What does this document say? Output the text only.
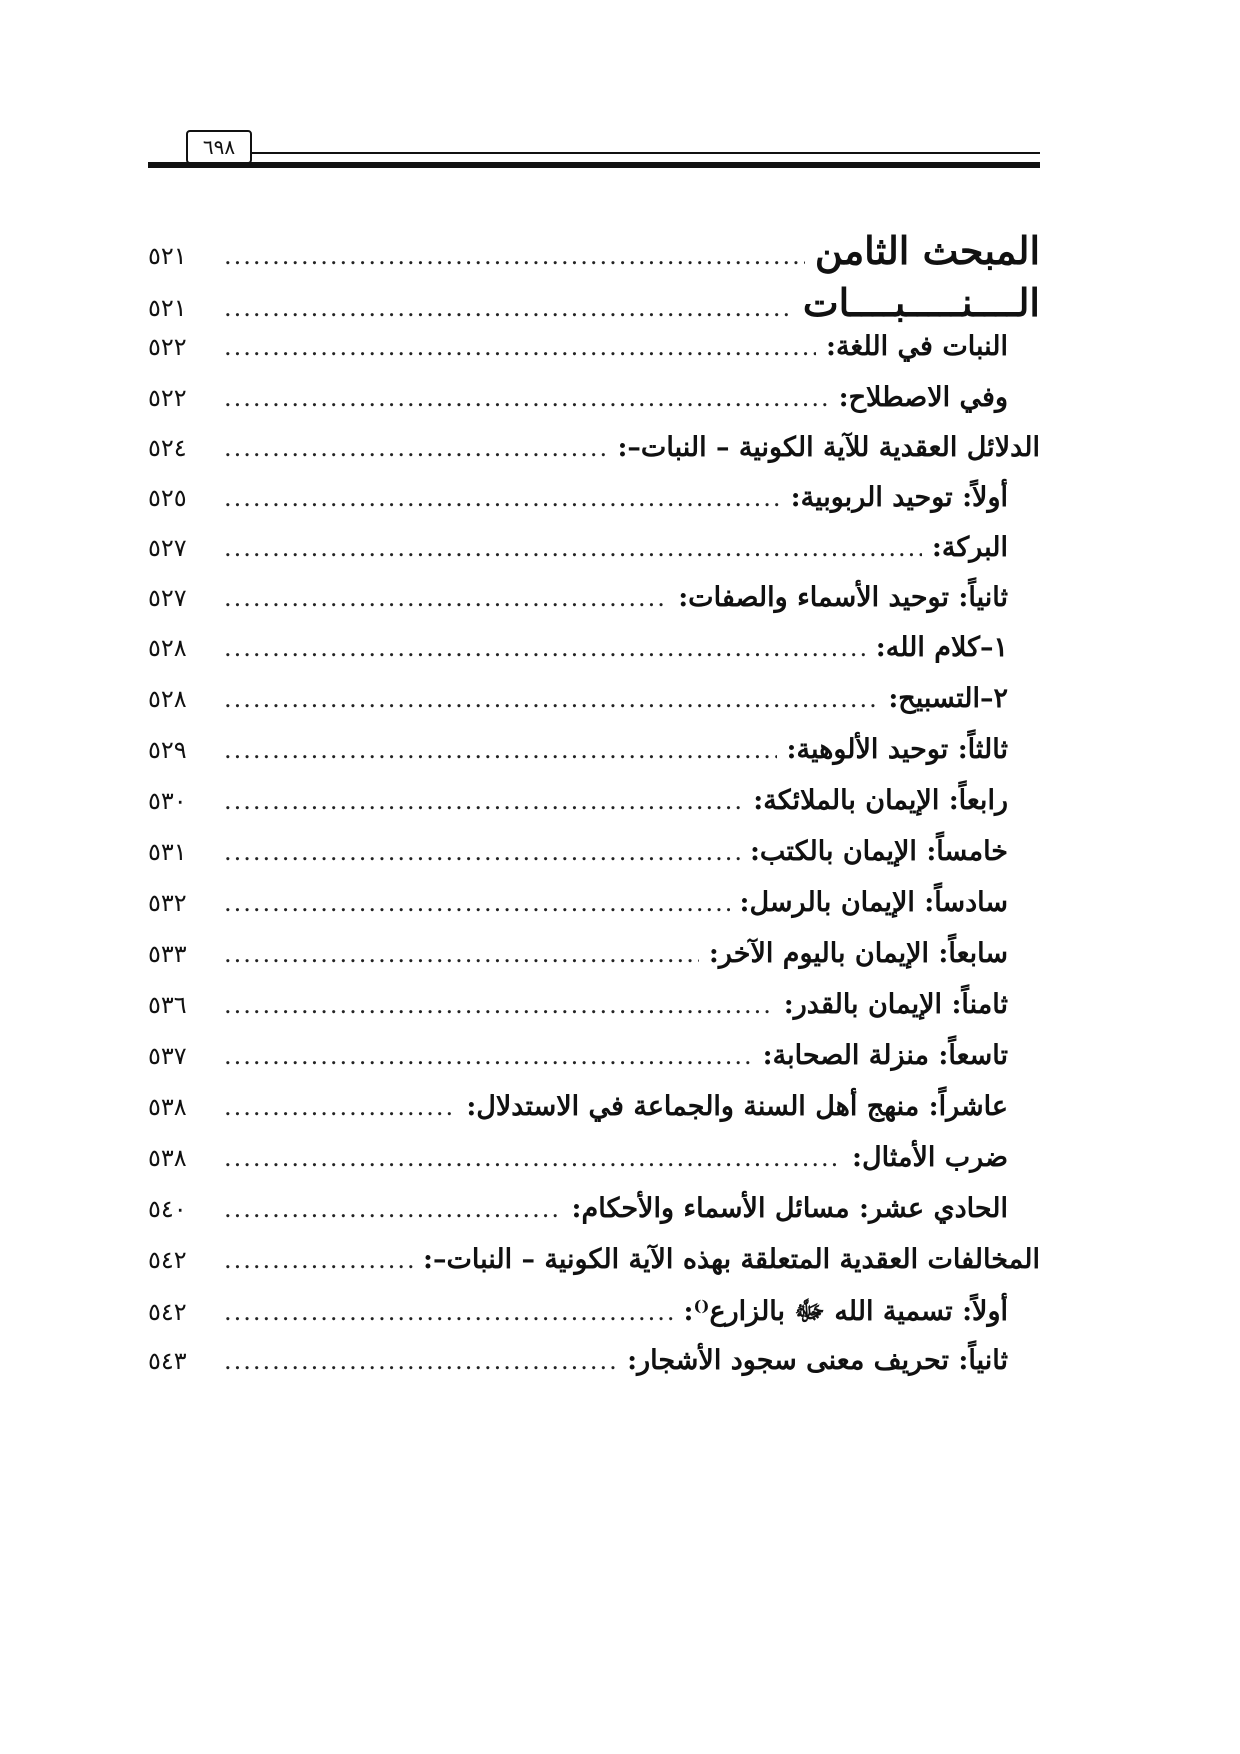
٦٩٨
المبحث الثامن
.....
٥٢١
الــــنـــــبــــات
.....
٥٢١
النبات في اللغة:
.....
٥٢٢
وفي الاصطلاح:
.....
٥٢٢
الدلائل العقدية للآية الكونية – النبات–:
.....
٥٢٤
أولاً: توحيد الربوبية:
.....
٥٢٥
البركة:
.....
٥٢٧
ثانياً: توحيد الأسماء والصفات:
.....
٥٢٧
١–كلام الله:
.....
٥٢٨
٢–التسبيح:
.....
٥٢٨
ثالثاً: توحيد الألوهية:
.....
٥٢٩
رابعاً: الإيمان بالملائكة:
.....
٥٣٠
خامساً: الإيمان بالكتب:
.....
٥٣١
سادساً: الإيمان بالرسل:
.....
٥٣٢
سابعاً: الإيمان باليوم الآخر:
.....
٥٣٣
ثامناً: الإيمان بالقدر:
.....
٥٣٦
تاسعاً: منزلة الصحابة:
.....
٥٣٧
عاشراً: منهج أهل السنة والجماعة في الاستدلال:
.....
٥٣٨
ضرب الأمثال:
.....
٥٣٨
الحادي عشر: مسائل الأسماء والأحكام:
.....
٥٤٠
المخالفات العقدية المتعلقة بهذه الآية الكونية – النبات–:
.....
٥٤٢
أولاً: تسمية الله ﷻ بالزارع⁽⁾:
.....
٥٤٢
ثانياً: تحريف معنى سجود الأشجار:
.....
٥٤٣
